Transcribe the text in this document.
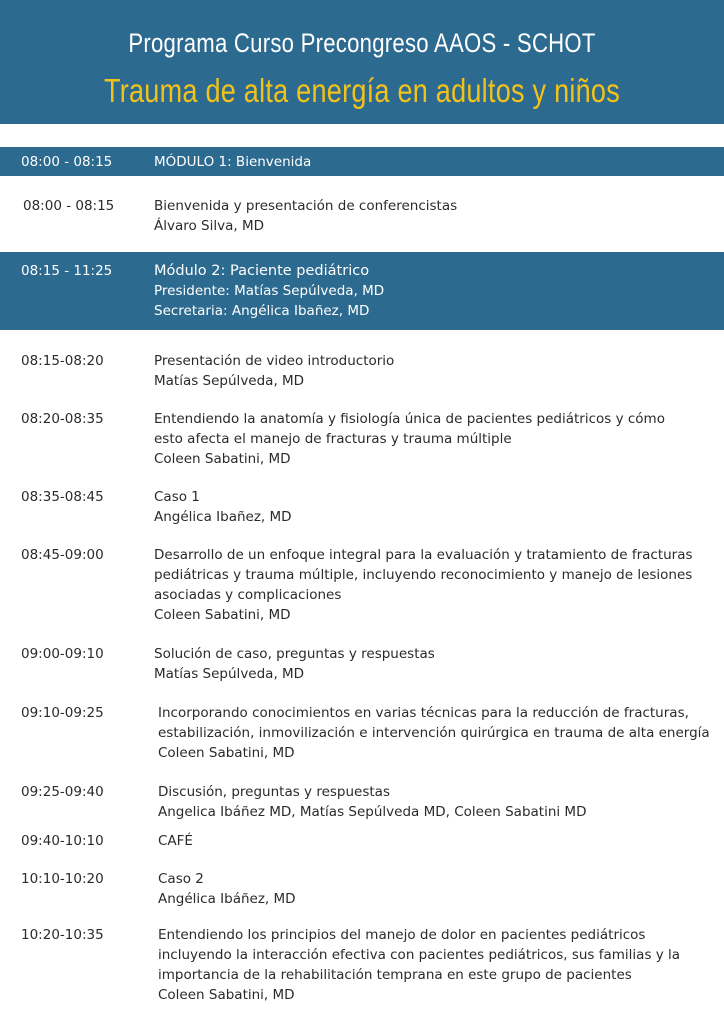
Programa Curso Precongreso AAOS - SCHOT
Trauma de alta energía en adultos y niños
08:00 - 08:15	MÓDULO 1: Bienvenida
08:00 - 08:15	Bienvenida y presentación de conferencistas
Álvaro Silva, MD
08:15 - 11:25	Módulo 2: Paciente pediátrico
Presidente: Matías Sepúlveda, MD
Secretaria: Angélica Ibañez, MD
08:15-08:20	Presentación de video introductorio
Matías Sepúlveda, MD
08:20-08:35	Entendiendo la anatomía y fisiología única de pacientes pediátricos y cómo
esto afecta el manejo de fracturas y trauma múltiple
Coleen Sabatini, MD
08:35-08:45	Caso 1
Angélica Ibañez, MD
08:45-09:00	Desarrollo de un enfoque integral para la evaluación y tratamiento de fracturas
pediátricas y trauma múltiple, incluyendo reconocimiento y manejo de lesiones
asociadas y complicaciones
Coleen Sabatini, MD
09:00-09:10	Solución de caso, preguntas y respuestas
Matías Sepúlveda, MD
09:10-09:25	Incorporando conocimientos en varias técnicas para la reducción de fracturas,
estabilización, inmovilización e intervención quirúrgica en trauma de alta energía
Coleen Sabatini, MD
09:25-09:40	Discusión, preguntas y respuestas
Angelica Ibáñez MD, Matías Sepúlveda MD, Coleen Sabatini MD
09:40-10:10	CAFÉ
10:10-10:20	Caso 2
Angélica Ibáñez, MD
10:20-10:35	Entendiendo los principios del manejo de dolor en pacientes pediátricos
incluyendo la interacción efectiva con pacientes pediátricos, sus familias y la
importancia de la rehabilitación temprana en este grupo de pacientes
Coleen Sabatini, MD
